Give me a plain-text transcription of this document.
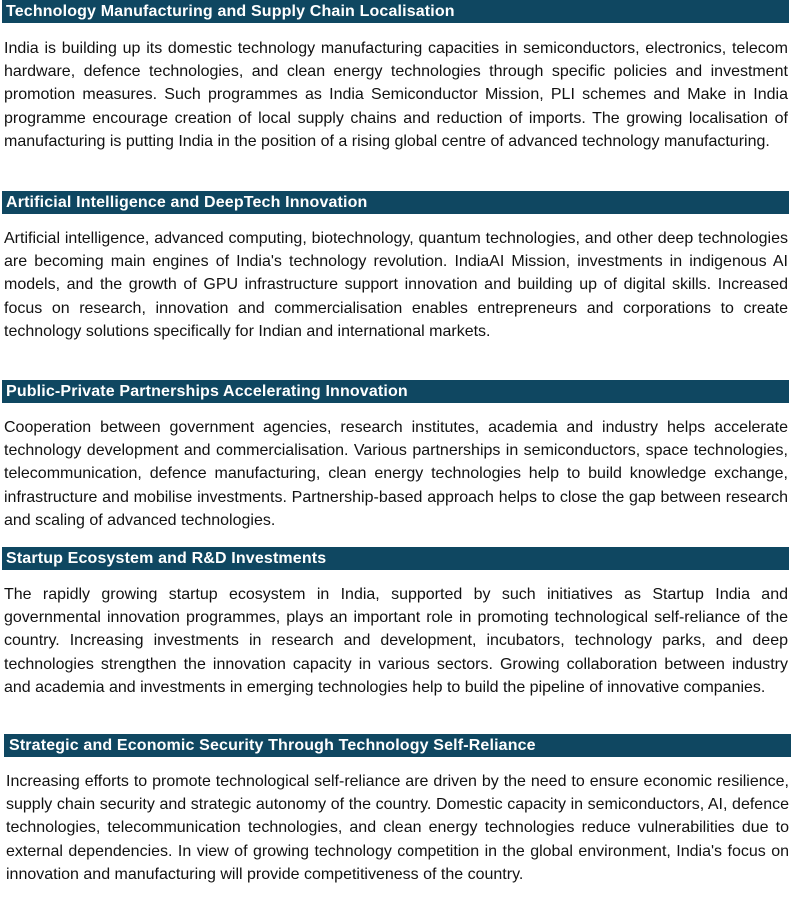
Technology Manufacturing and Supply Chain Localisation

India is building up its domestic technology manufacturing capacities in semiconductors, electronics, telecom hardware, defence technologies, and clean energy technologies through specific policies and investment promotion measures. Such programmes as India Semiconductor Mission, PLI schemes and Make in India programme encourage creation of local supply chains and reduction of imports. The growing localisation of manufacturing is putting India in the position of a rising global centre of advanced technology manufacturing.

Artificial Intelligence and DeepTech Innovation

Artificial intelligence, advanced computing, biotechnology, quantum technologies, and other deep technologies are becoming main engines of India's technology revolution. IndiaAI Mission, investments in indigenous AI models, and the growth of GPU infrastructure support innovation and building up of digital skills. Increased focus on research, innovation and commercialisation enables entrepreneurs and corporations to create technology solutions specifically for Indian and international markets.

Public-Private Partnerships Accelerating Innovation

Cooperation between government agencies, research institutes, academia and industry helps accelerate technology development and commercialisation. Various partnerships in semiconductors, space technologies, telecommunication, defence manufacturing, clean energy technologies help to build knowledge exchange, infrastructure and mobilise investments. Partnership-based approach helps to close the gap between research and scaling of advanced technologies.

Startup Ecosystem and R&D Investments

The rapidly growing startup ecosystem in India, supported by such initiatives as Startup India and governmental innovation programmes, plays an important role in promoting technological self-reliance of the country. Increasing investments in research and development, incubators, technology parks, and deep technologies strengthen the innovation capacity in various sectors. Growing collaboration between industry and academia and investments in emerging technologies help to build the pipeline of innovative companies.

Strategic and Economic Security Through Technology Self-Reliance

Increasing efforts to promote technological self-reliance are driven by the need to ensure economic resilience, supply chain security and strategic autonomy of the country. Domestic capacity in semiconductors, AI, defence technologies, telecommunication technologies, and clean energy technologies reduce vulnerabilities due to external dependencies. In view of growing technology competition in the global environment, India's focus on innovation and manufacturing will provide competitiveness of the country.
